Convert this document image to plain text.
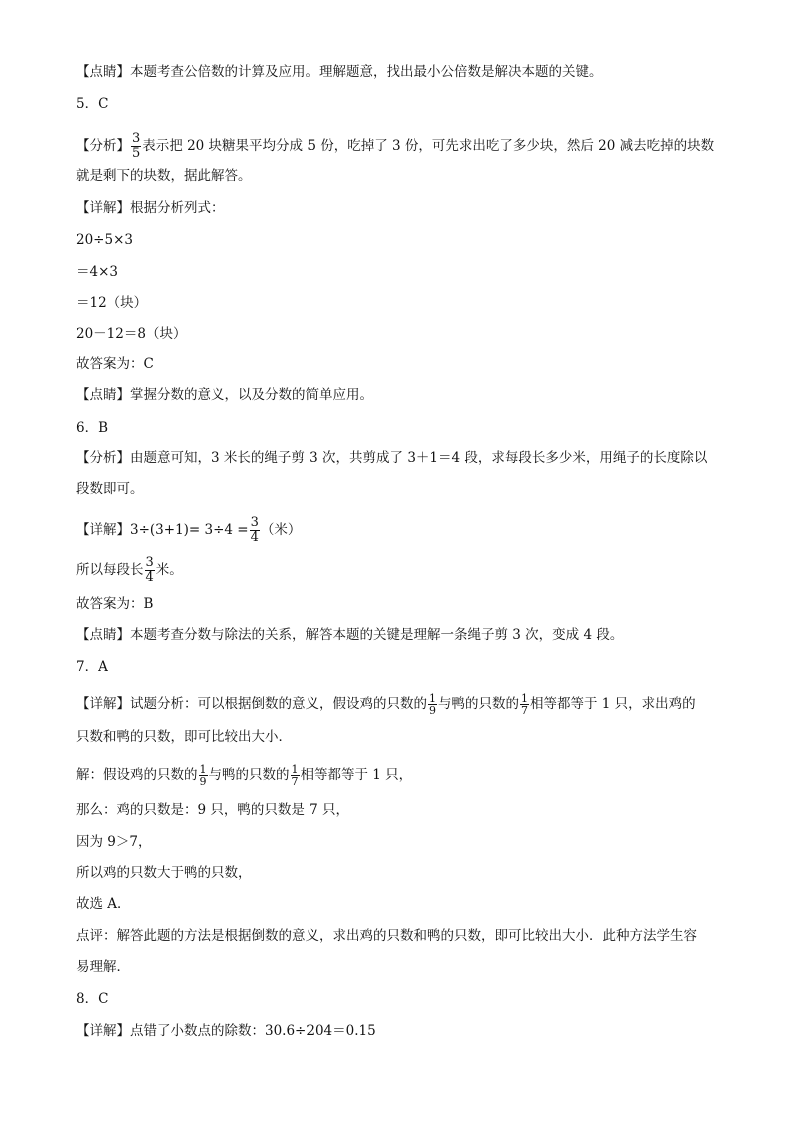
【点睛】本题考查公倍数的计算及应用。理解题意，找出最小公倍数是解决本题的关键。
5．C
【分析】 $\frac{3}{5}$ 表示把 20 块糖果平均分成 5 份，吃掉了 3 份，可先求出吃了多少块，然后 20 减去吃掉的块数
就是剩下的块数，据此解答。
【详解】根据分析列式：
20÷5×3
＝4×3
＝12（块）
20－12＝8（块）
故答案为：C
【点睛】掌握分数的意义，以及分数的简单应用。
6．B
【分析】由题意可知，3 米长的绳子剪 3 次，共剪成了 3＋1＝4 段，求每段长多少米，用绳子的长度除以
段数即可。
【详解】$3\div(3+1)= 3\div 4 = \frac{3}{4}$ （米）
所以每段长 $\frac{3}{4}$ 米。
故答案为：B
【点睛】本题考查分数与除法的关系，解答本题的关键是理解一条绳子剪 3 次，变成 4 段。
7．A
【详解】试题分析：可以根据倒数的意义，假设鸡的只数的 $\frac{1}{9}$ 与鸭的只数的 $\frac{1}{7}$ 相等都等于 1 只，求出鸡的
只数和鸭的只数，即可比较出大小．
解：假设鸡的只数的 $\frac{1}{9}$ 与鸭的只数的 $\frac{1}{7}$ 相等都等于 1 只，
那么：鸡的只数是：9 只，鸭的只数是 7 只，
因为 9＞7，
所以鸡的只数大于鸭的只数，
故选 A．
点评：解答此题的方法是根据倒数的意义，求出鸡的只数和鸭的只数，即可比较出大小．此种方法学生容
易理解．
8．C
【详解】点错了小数点的除数：30.6÷204＝0.15
